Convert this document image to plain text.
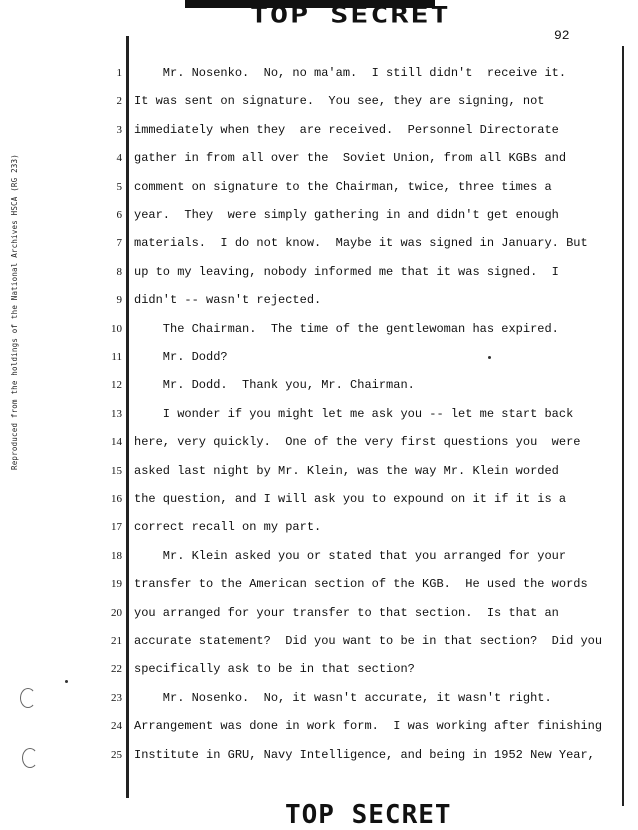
TOP SECRET
92
Reproduced from the holdings of the National Archives HSCA (RG 233)
1 Mr. Nosenko.  No, no ma'am.  I still didn't  receive it.
2 It was sent on signature.  You see, they are signing, not
3 immediately when they  are received.  Personnel Directorate
4 gather in from all over the  Soviet Union, from all KGBs and
5 comment on signature to the Chairman, twice, three times a
6 year.  They  were simply gathering in and didn't get enough
7 materials.  I do not know.  Maybe it was signed in January. But
8 up to my leaving, nobody informed me that it was signed.  I
9 didn't -- wasn't rejected.
10 The Chairman.  The time of the gentlewoman has expired.
11 Mr. Dodd?
12 Mr. Dodd.  Thank you, Mr. Chairman.
13 I wonder if you might let me ask you -- let me start back
14 here, very quickly.  One of the very first questions you  were
15 asked last night by Mr. Klein, was the way Mr. Klein worded
16 the question, and I will ask you to expound on it if it is a
17 correct recall on my part.
18 Mr. Klein asked you or stated that you arranged for your
19 transfer to the American section of the KGB.  He used the words
20 you arranged for your transfer to that section.  Is that an
21 accurate statement?  Did you want to be in that section?  Did you
22 specifically ask to be in that section?
23 Mr. Nosenko.  No, it wasn't accurate, it wasn't right.
24 Arrangement was done in work form.  I was working after finishing
25 Institute in GRU, Navy Intelligence, and being in 1952 New Year,
TOP SECRET
